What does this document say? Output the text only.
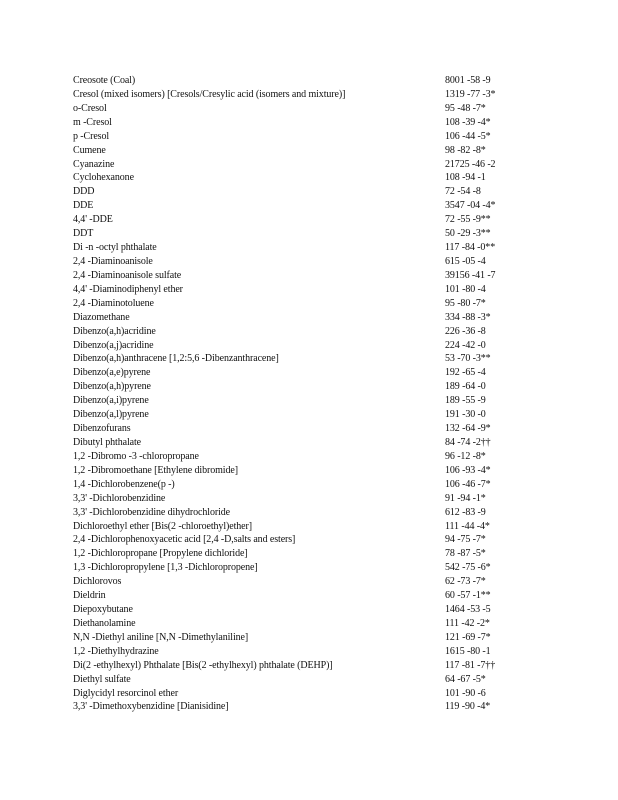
Creosote (Coal)	8001 -58 -9
Cresol (mixed isomers) [Cresols/Cresylic acid (isomers and mixture)]	1319 -77 -3*
o-Cresol	95 -48 -7*
m -Cresol	108 -39 -4*
p -Cresol	106 -44 -5*
Cumene	98 -82 -8*
Cyanazine	21725 -46 -2
Cyclohexanone	108 -94 -1
DDD	72 -54 -8
DDE	3547 -04 -4*
4,4' -DDE	72 -55 -9**
DDT	50 -29 -3**
Di -n -octyl phthalate	117 -84 -0**
2,4 -Diaminoanisole	615 -05 -4
2,4 -Diaminoanisole sulfate	39156 -41 -7
4,4' -Diaminodiphenyl ether	101 -80 -4
2,4 -Diaminotoluene	95 -80 -7*
Diazomethane	334 -88 -3*
Dibenzo(a,h)acridine	226 -36 -8
Dibenzo(a,j)acridine	224 -42 -0
Dibenzo(a,h)anthracene [1,2:5,6 -Dibenzanthracene]	53 -70 -3**
Dibenzo(a,e)pyrene	192 -65 -4
Dibenzo(a,h)pyrene	189 -64 -0
Dibenzo(a,i)pyrene	189 -55 -9
Dibenzo(a,l)pyrene	191 -30 -0
Dibenzofurans	132 -64 -9*
Dibutyl phthalate	84 -74 -2††
1,2 -Dibromo -3 -chloropropane	96 -12 -8*
1,2 -Dibromoethane [Ethylene dibromide]	106 -93 -4*
1,4 -Dichlorobenzene(p -)	106 -46 -7*
3,3' -Dichlorobenzidine	91 -94 -1*
3,3' -Dichlorobenzidine dihydrochloride	612 -83 -9
Dichloroethyl ether [Bis(2 -chloroethyl)ether]	111 -44 -4*
2,4 -Dichlorophenoxyacetic acid [2,4 -D,salts and esters]	94 -75 -7*
1,2 -Dichloropropane [Propylene dichloride]	78 -87 -5*
1,3 -Dichloropropylene [1,3 -Dichloropropene]	542 -75 -6*
Dichlorovos	62 -73 -7*
Dieldrin	60 -57 -1**
Diepoxybutane	1464 -53 -5
Diethanolamine	111 -42 -2*
N,N -Diethyl aniline [N,N -Dimethylaniline]	121 -69 -7*
1,2 -Diethylhydrazine	1615 -80 -1
Di(2 -ethylhexyl) Phthalate [Bis(2 -ethylhexyl) phthalate (DEHP)]	117 -81 -7††
Diethyl sulfate	64 -67 -5*
Diglycidyl resorcinol ether	101 -90 -6
3,3' -Dimethoxybenzidine [Dianisidine]	119 -90 -4*
